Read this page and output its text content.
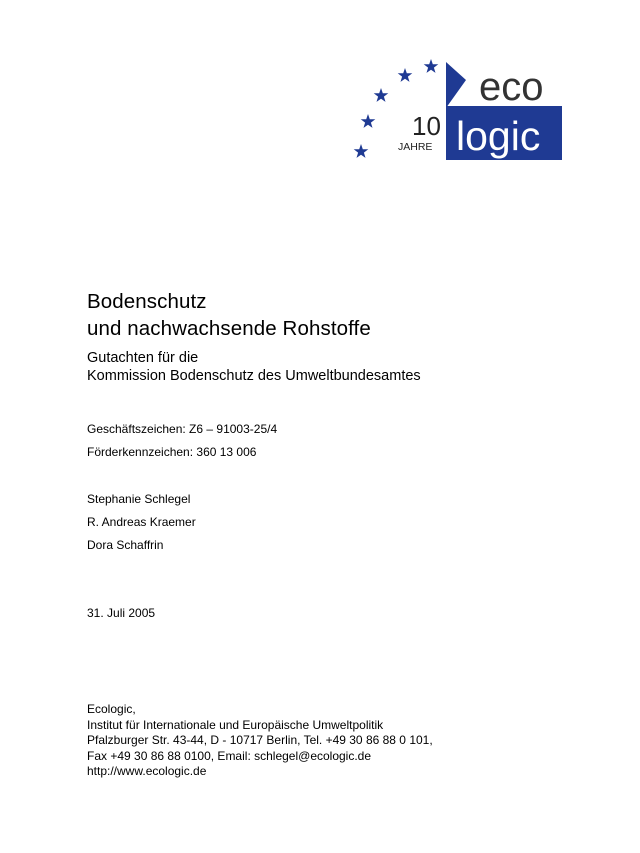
10
JAHRE
eco
logic
Bodenschutz
und nachwachsende Rohstoffe
Gutachten für die
Kommission Bodenschutz des Umweltbundesamtes
Geschäftszeichen: Z6 – 91003-25/4
Förderkennzeichen: 360 13 006
Stephanie Schlegel
R. Andreas Kraemer
Dora Schaffrin
31. Juli 2005
Ecologic,
Institut für Internationale und Europäische Umweltpolitik
Pfalzburger Str. 43-44, D - 10717 Berlin, Tel. +49 30 86 88 0 101,
Fax +49 30 86 88 0100, Email: schlegel@ecologic.de
http://www.ecologic.de
